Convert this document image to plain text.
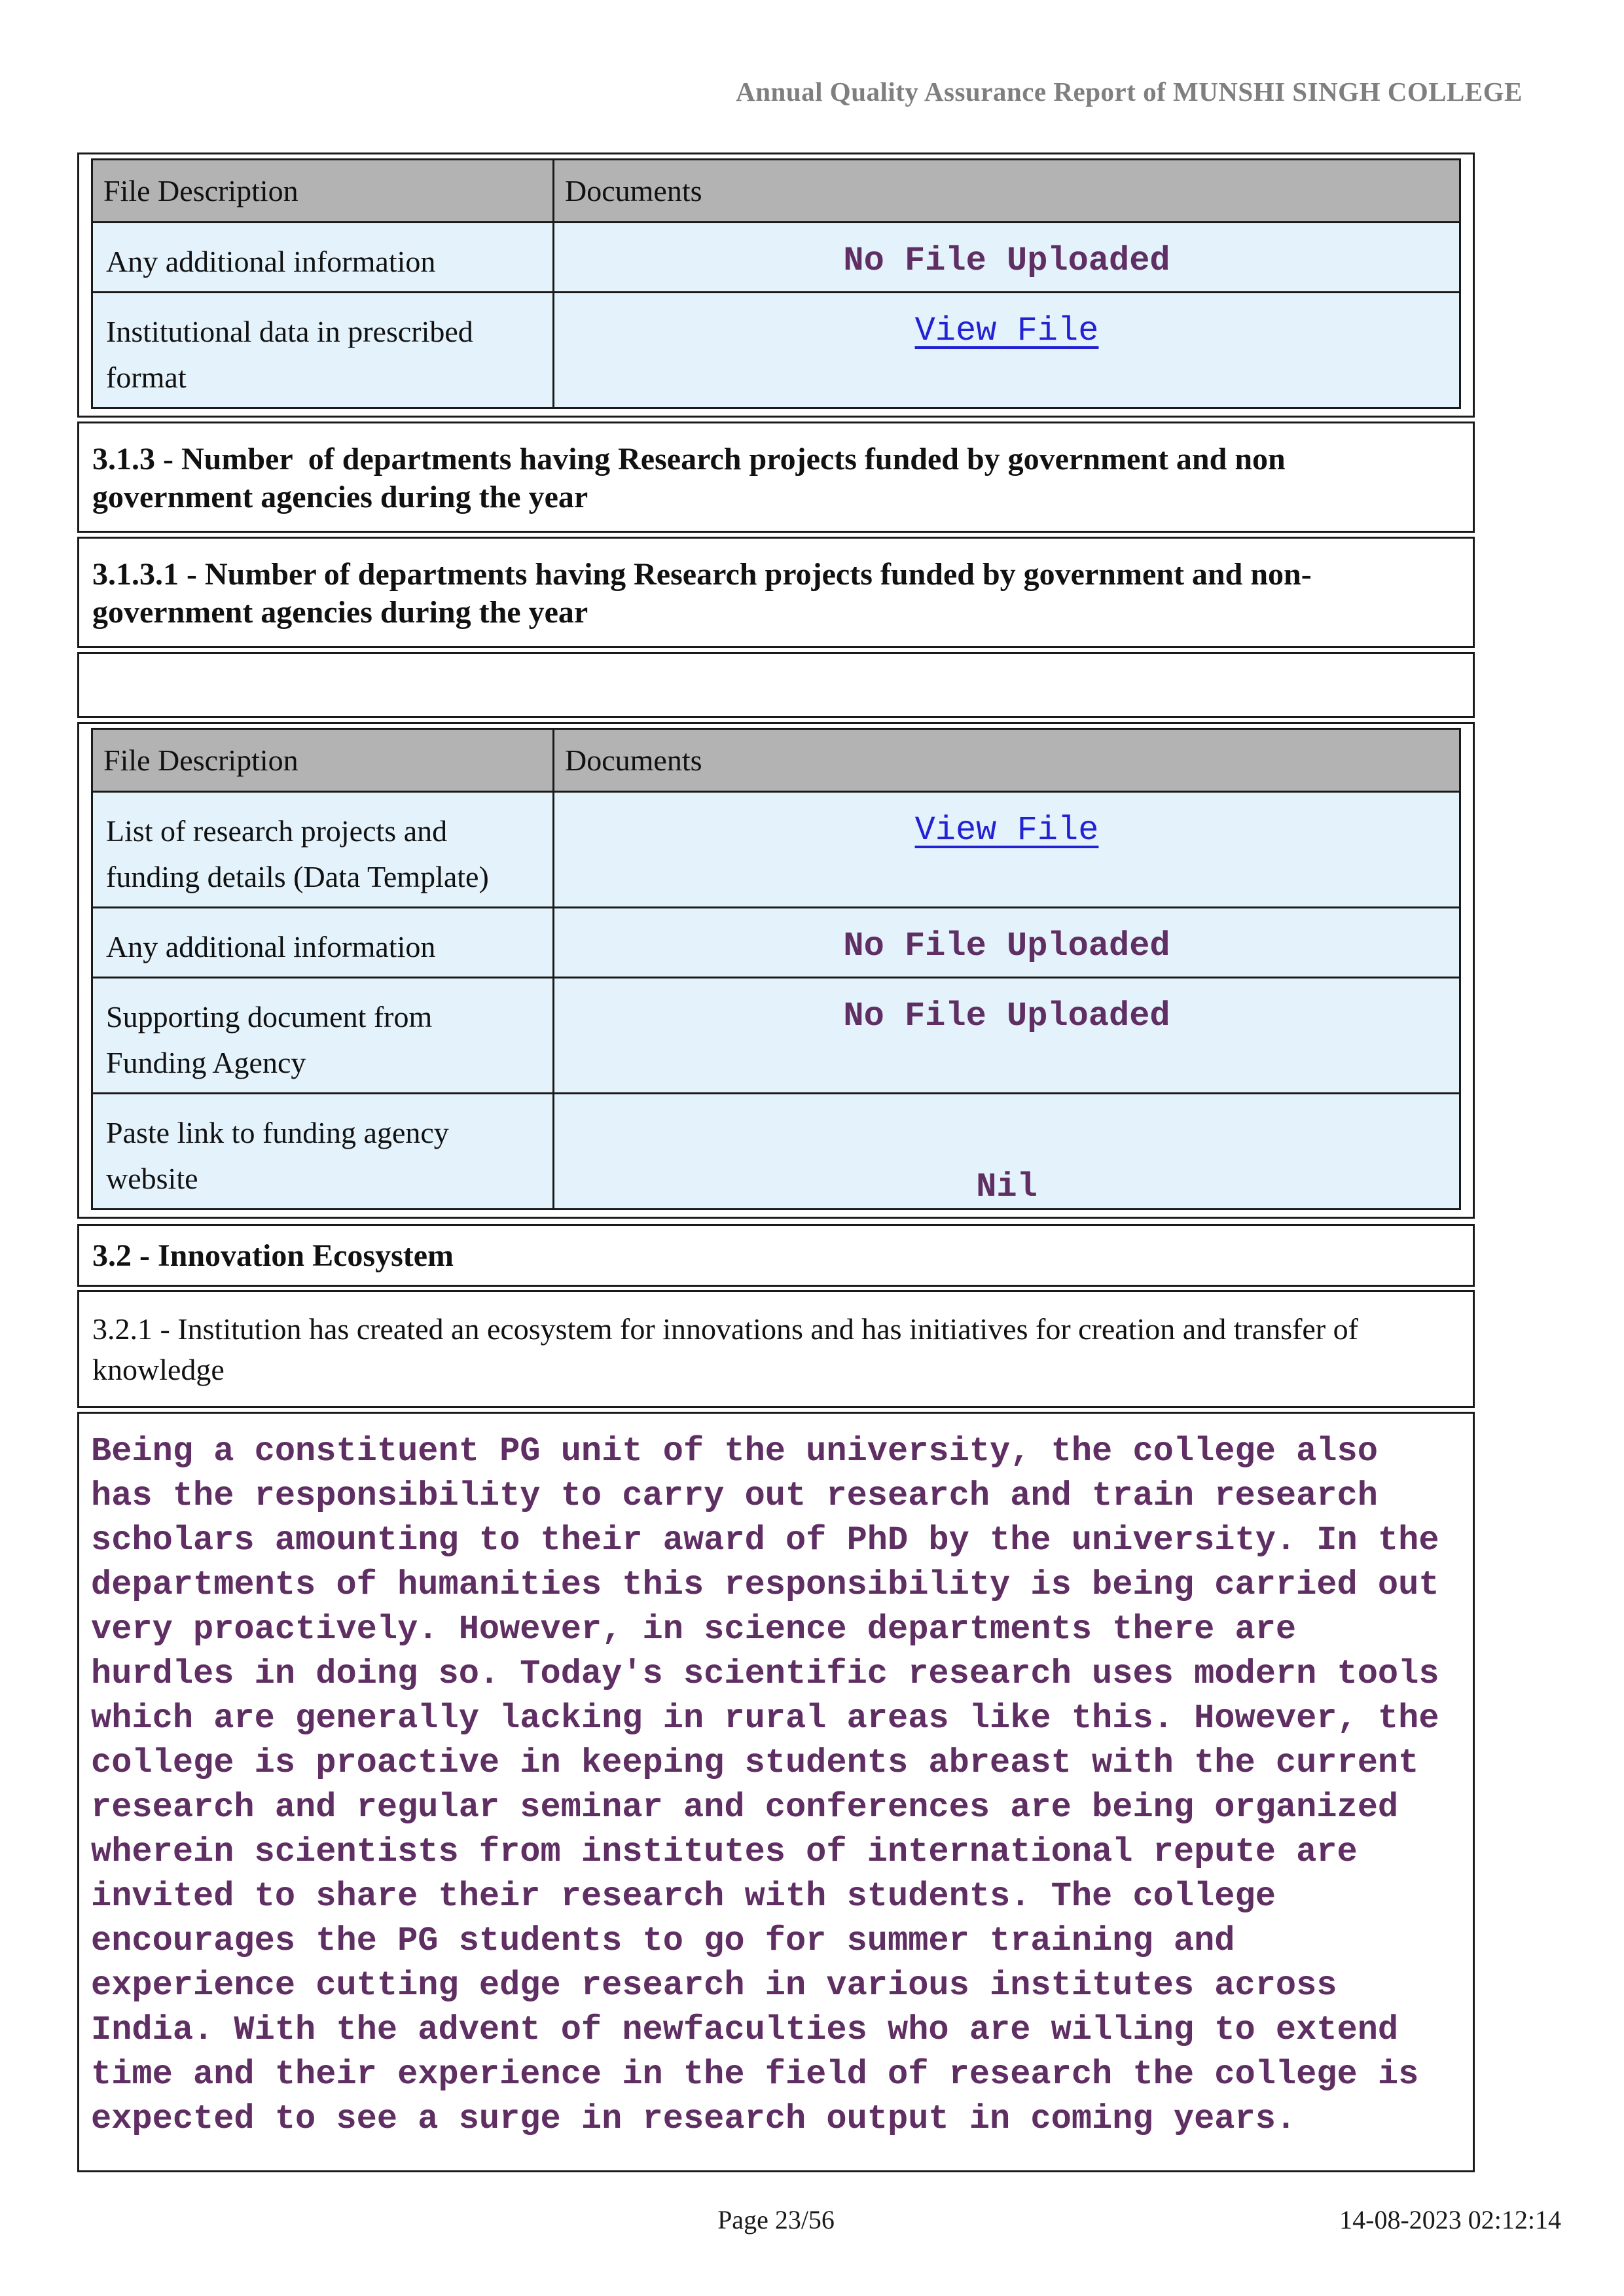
Annual Quality Assurance Report of MUNSHI SINGH COLLEGE
File Description	Documents
Any additional information	No File Uploaded
Institutional data in prescribed format	View File
3.1.3 - Number  of departments having Research projects funded by government and non government agencies during the year
3.1.3.1 - Number of departments having Research projects funded by government and non-government agencies during the year
File Description	Documents
List of research projects and funding details (Data Template)	View File
Any additional information	No File Uploaded
Supporting document from Funding Agency	No File Uploaded
Paste link to funding agency website	Nil
3.2 - Innovation Ecosystem
3.2.1 - Institution has created an ecosystem for innovations and has initiatives for creation and transfer of knowledge
Being a constituent PG unit of the university, the college also
has the responsibility to carry out research and train research
scholars amounting to their award of PhD by the university. In the
departments of humanities this responsibility is being carried out
very proactively. However, in science departments there are
hurdles in doing so. Today's scientific research uses modern tools
which are generally lacking in rural areas like this. However, the
college is proactive in keeping students abreast with the current
research and regular seminar and conferences are being organized
wherein scientists from institutes of international repute are
invited to share their research with students. The college
encourages the PG students to go for summer training and
experience cutting edge research in various institutes across
India. With the advent of newfaculties who are willing to extend
time and their experience in the field of research the college is
expected to see a surge in research output in coming years.
Page 23/56	14-08-2023 02:12:14
